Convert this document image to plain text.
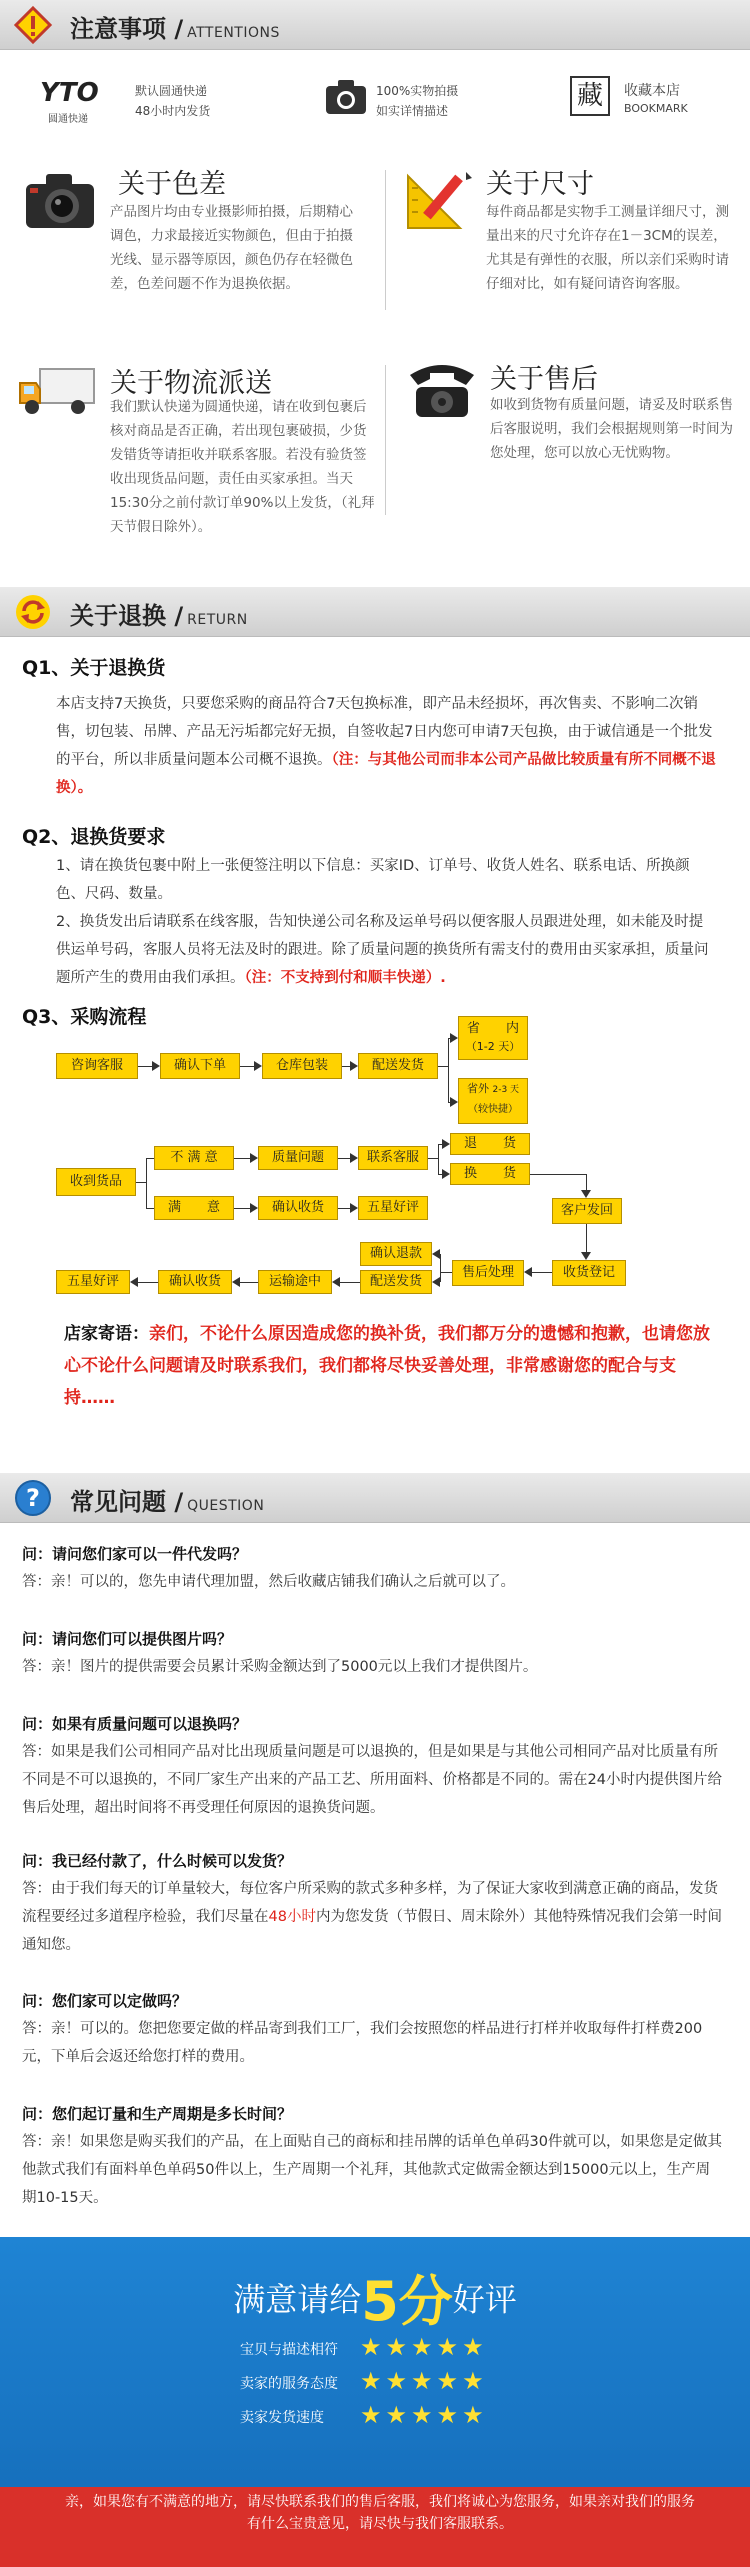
注意事项 / ATTENTIONS
YTO
圆通快递
默认圆通快递
48小时内发货
100%实物拍摄
如实详情描述	藏	收藏本店
BOOKMARK
关于色差

产品图片均由专业摄影师拍摄，后期精心调色，力求最接近实物颜色，但由于拍摄光线、显示器等原因，颜色仍存在轻微色差，色差问题不作为退换依据。

关于尺寸

每件商品都是实物手工测量详细尺寸，测量出来的尺寸允许存在1－3CM的误差，尤其是有弹性的衣服，所以亲们采购时请仔细对比，如有疑问请咨询客服。

关于物流派送

我们默认快递为圆通快递，请在收到包裹后核对商品是否正确，若出现包裹破损，少货发错货等请拒收并联系客服。若没有验货签收出现货品问题，责任由买家承担。当天15:30分之前付款订单90%以上发货，（礼拜天节假日除外）。

关于售后

如收到货物有质量问题，请妥及时联系售后客服说明，我们会根据规则第一时间为您处理，您可以放心无忧购物。

关于退换 / RETURN
Q1、关于退换货
本店支持7天换货，只要您采购的商品符合7天包换标准，即产品未经损坏，再次售卖、不影响二次销售，切包装、吊牌、产品无污垢都完好无损，自签收起7日内您可申请7天包换，由于诚信通是一个批发的平台，所以非质量问题本公司概不退换。（注：与其他公司而非本公司产品做比较质量有所不同概不退换）。
Q2、退换货要求
1、请在换货包裹中附上一张便签注明以下信息：买家ID、订单号、收货人姓名、联系电话、所换颜色、尺码、数量。
2、换货发出后请联系在线客服，告知快递公司名称及运单号码以便客服人员跟进处理，如未能及时提供运单号码，客服人员将无法及时的跟进。除了质量问题的换货所有需支付的费用由买家承担，质量问题所产生的费用由我们承担。（注：不支持到付和顺丰快递）.
Q3、采购流程
咨询客服	确认下单	仓库包装	配送发货
省　　内
（1-2 天）
省外 2-3 天
（较快捷）
收到货品
不 满 意
满　　意
质量问题
确认收货
联系客服
五星好评
退　　货
换　　货
客户发回
收货登记
售后处理
确认退款
配送发货
运输途中
确认收货
五星好评
店家寄语：亲们，不论什么原因造成您的换补货，我们都万分的遗憾和抱歉，也请您放心不论什么问题请及时联系我们，我们都将尽快妥善处理，非常感谢您的配合与支持……
? 常见问题 / QUESTION
问：请问您们家可以一件代发吗？
答：亲！可以的，您先申请代理加盟，然后收藏店铺我们确认之后就可以了。
问：请问您们可以提供图片吗？
答：亲！图片的提供需要会员累计采购金额达到了5000元以上我们才提供图片。
问：如果有质量问题可以退换吗？
答：如果是我们公司相同产品对比出现质量问题是可以退换的，但是如果是与其他公司相同产品对比质量有所不同是不可以退换的，不同厂家生产出来的产品工艺、所用面料、价格都是不同的。需在24小时内提供图片给售后处理，超出时间将不再受理任何原因的退换货问题。
问：我已经付款了，什么时候可以发货？
答：由于我们每天的订单量较大，每位客户所采购的款式多种多样，为了保证大家收到满意正确的商品，发货流程要经过多道程序检验，我们尽量在48小时内为您发货（节假日、周末除外）其他特殊情况我们会第一时间通知您。
问：您们家可以定做吗？
答：亲！可以的。您把您要定做的样品寄到我们工厂，我们会按照您的样品进行打样并收取每件打样费200元，下单后会返还给您打样的费用。
问：您们起订量和生产周期是多长时间？
答：亲！如果您是购买我们的产品，在上面贴自己的商标和挂吊牌的话单色单码30件就可以，如果您是定做其他款式我们有面料单色单码50件以上，生产周期一个礼拜，其他款式定做需金额达到15000元以上，生产周期10-15天。
满意请给5分好评
宝贝与描述相符 ★★★★★
卖家的服务态度 ★★★★★
卖家发货速度 ★★★★★

亲，如果您有不满意的地方，请尽快联系我们的售后客服，我们将诚心为您服务，如果亲对我们的服务有什么宝贵意见，请尽快与我们客服联系。
